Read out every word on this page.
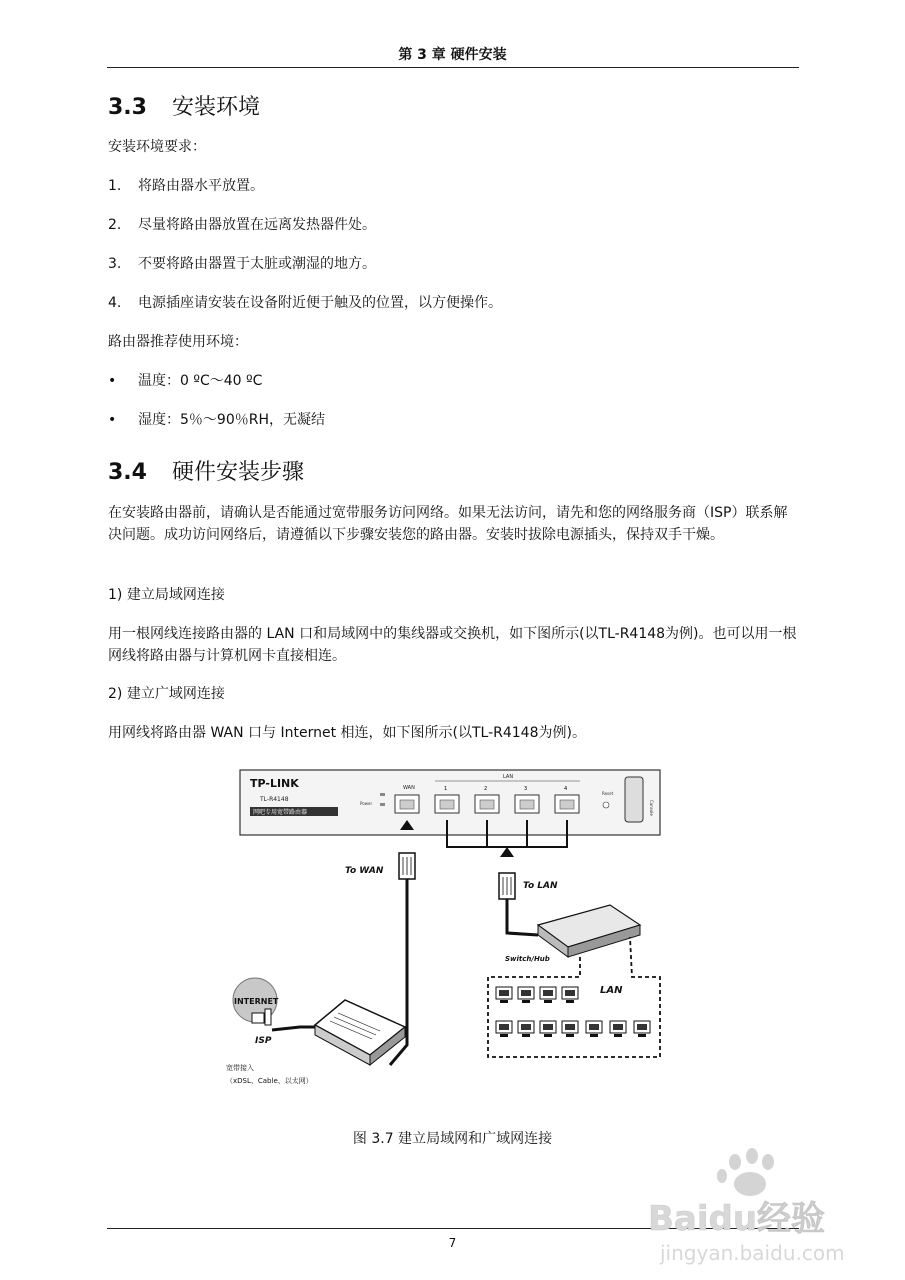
第 3 章 硬件安装
3.3 安装环境
安装环境要求：
1. 将路由器水平放置。
2. 尽量将路由器放置在远离发热器件处。
3. 不要将路由器置于太脏或潮湿的地方。
4. 电源插座请安装在设备附近便于触及的位置，以方便操作。
路由器推荐使用环境：
• 温度：0 ºC～40 ºC
• 湿度：5％～90％RH，无凝结
3.4 硬件安装步骤
在安装路由器前，请确认是否能通过宽带服务访问网络。如果无法访问，请先和您的网络服务商（ISP）联系解决问题。成功访问网络后，请遵循以下步骤安装您的路由器。安装时拔除电源插头，保持双手干燥。
1) 建立局域网连接
用一根网线连接路由器的 LAN 口和局域网中的集线器或交换机，如下图所示(以TL-R4148为例)。也可以用一根网线将路由器与计算机网卡直接相连。
2) 建立广域网连接
用网线将路由器 WAN 口与 Internet 相连，如下图所示(以TL-R4148为例)。
TP-LINK
TL-R4148
网吧专用宽带路由器
Power
WAN
LAN
1	2	3	4
Reset
Console
To WAN
To LAN
Switch/Hub
LAN
INTERNET
ISP
宽带接入
（xDSL、Cable、以太网）
图 3.7 建立局域网和广域网连接
7
Baidu经验
jingyan.baidu.com
